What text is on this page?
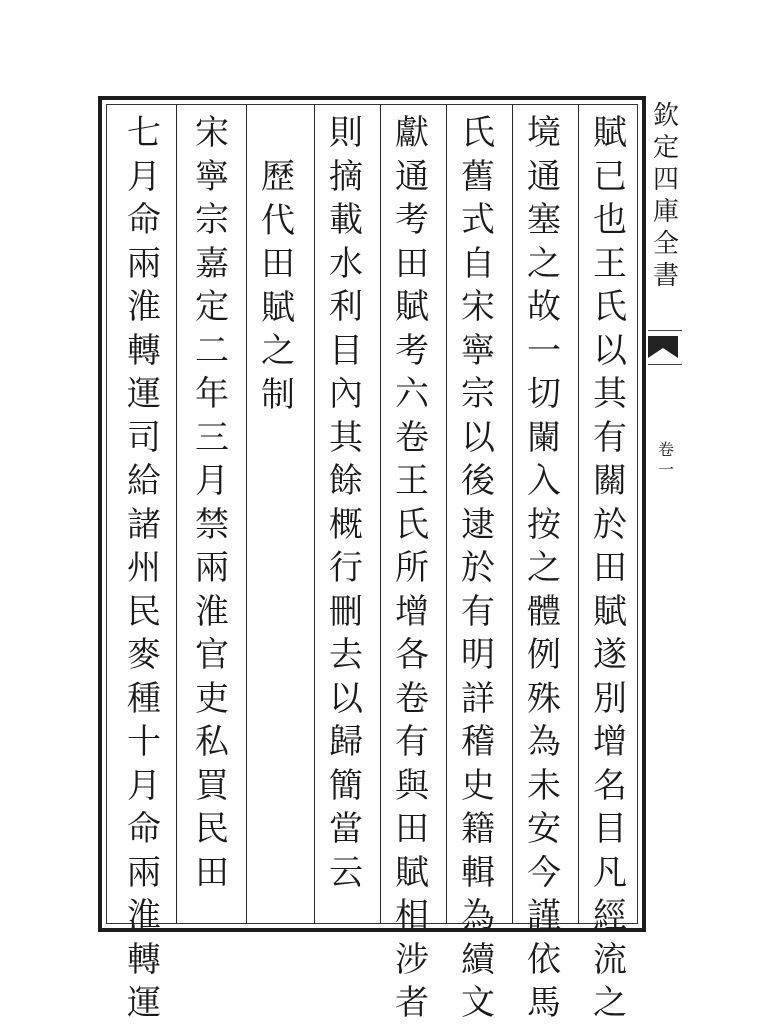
賦
已
也
王
氏
以
其
有
關
於
田
賦
遂
別
增
名
目
凡
經
流
之
境
通
塞
之
故
一
切
闌
入
按
之
體
例
殊
為
未
安
今
謹
依
馬
氏
舊
式
自
宋
寧
宗
以
後
逮
於
有
明
詳
稽
史
籍
輯
為
續
文
獻
通
考
田
賦
考
六
卷
王
氏
所
增
各
卷
有
與
田
賦
相
涉
者
則
摘
載
水
利
目
內
其
餘
概
行
刪
去
以
歸
簡
當
云
歷
代
田
賦
之
制
宋
寧
宗
嘉
定
二
年
三
月
禁
兩
淮
官
吏
私
買
民
田
七
月
命
兩
淮
轉
運
司
給
諸
州
民
麥
種
十
月
命
兩
淮
轉
運
欽
定
四
庫
全
書
卷
一
